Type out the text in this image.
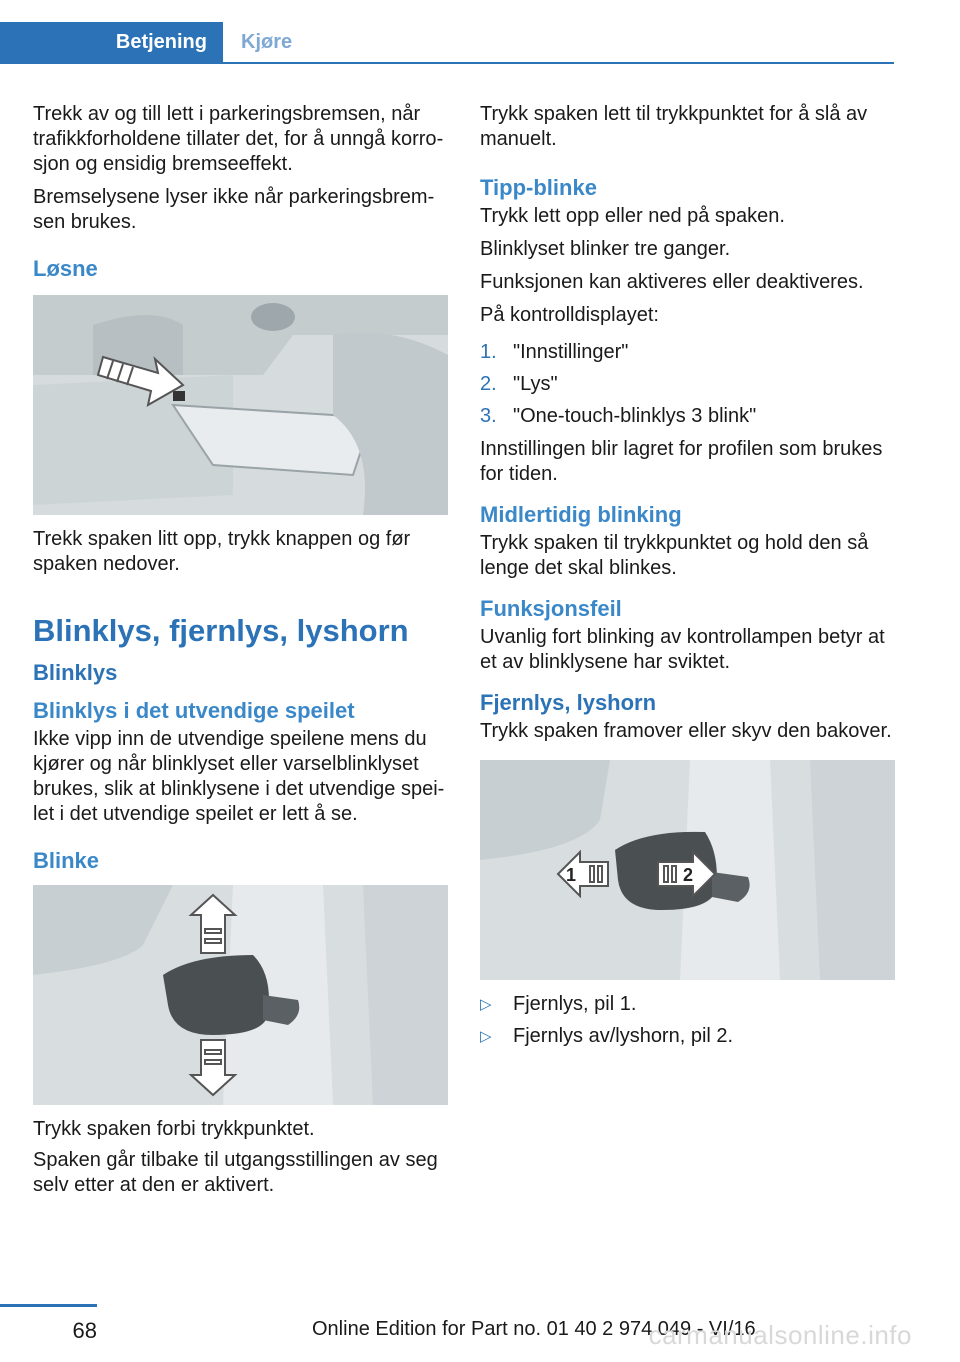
Betjening	Kjøre

Trekk av og till lett i parkeringsbremsen, når trafikkforholdene tillater det, for å unngå korrosjon og ensidig bremseeffekt.

Bremselysene lyser ikke når parkeringsbremsen brukes.

Løsne

Trekk spaken litt opp, trykk knappen og før spaken nedover.

Blinklys, fjernlys, lyshorn
Blinklys
Blinklys i det utvendige speilet

Ikke vipp inn de utvendige speilene mens du kjører og når blinklyset eller varselblinklyset brukes, slik at blinklysene i det utvendige speilet i det utvendige speilet er lett å se.

Blinke

Trykk spaken forbi trykkpunktet.

Spaken går tilbake til utgangsstillingen av seg selv etter at den er aktivert.

Trykk spaken lett til trykkpunktet for å slå av manuelt.

Tipp-blinke

Trykk lett opp eller ned på spaken.

Blinklyset blinker tre ganger.

Funksjonen kan aktiveres eller deaktiveres.

På kontrolldisplayet:

1. "Innstillinger"
2. "Lys"
3. "One-touch-blinklys 3 blink"

Innstillingen blir lagret for profilen som brukes for tiden.

Midlertidig blinking

Trykk spaken til trykkpunktet og hold den så lenge det skal blinkes.

Funksjonsfeil

Uvanlig fort blinking av kontrollampen betyr at et av blinklysene har sviktet.

Fjernlys, lyshorn

Trykk spaken framover eller skyv den bakover.

1	2
▷ Fjernlys, pil 1.
▷ Fjernlys av/lyshorn, pil 2.
68	Online Edition for Part no. 01 40 2 974 049 - VI/16
carmanualsonline.info
